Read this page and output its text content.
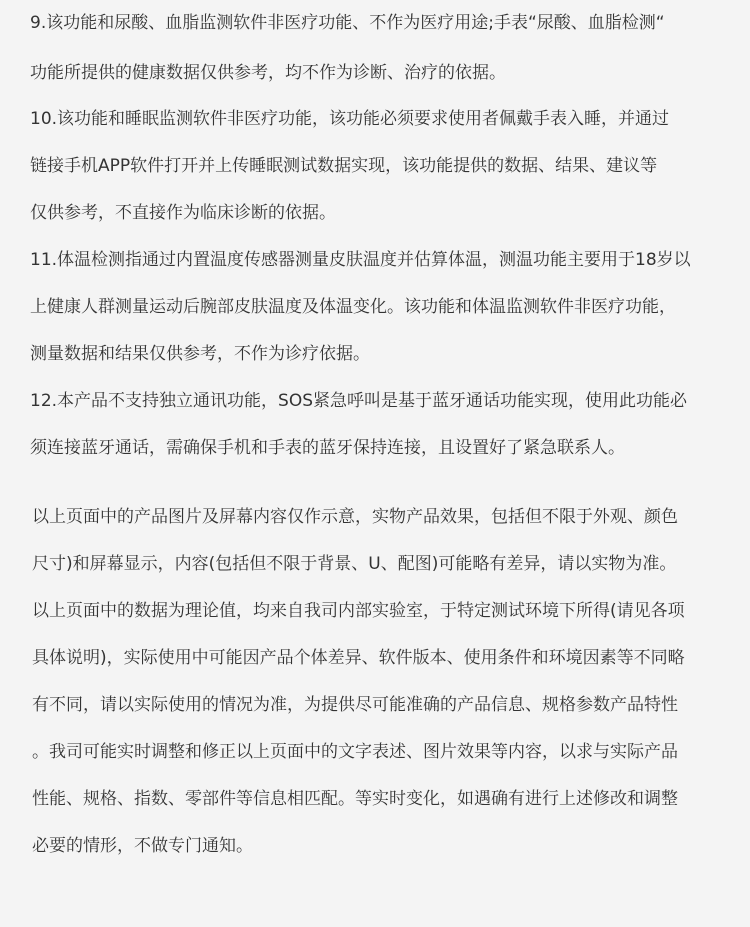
9.该功能和尿酸、血脂监测软件非医疗功能、不作为医疗用途;手表“尿酸、血脂检测“
功能所提供的健康数据仅供参考，均不作为诊断、治疗的依据。
10.该功能和睡眠监测软件非医疗功能，该功能必须要求使用者佩戴手表入睡，并通过
链接手机APP软件打开并上传睡眠测试数据实现，该功能提供的数据、结果、建议等
仅供参考，不直接作为临床诊断的依据。
11.体温检测指通过内置温度传感器测量皮肤温度并估算体温，测温功能主要用于18岁以
上健康人群测量运动后腕部皮肤温度及体温变化。该功能和体温监测软件非医疗功能，
测量数据和结果仅供参考，不作为诊疗依据。
12.本产品不支持独立通讯功能，SOS紧急呼叫是基于蓝牙通话功能实现，使用此功能必
须连接蓝牙通话，需确保手机和手表的蓝牙保持连接，且设置好了紧急联系人。
以上页面中的产品图片及屏幕内容仅作示意，实物产品效果，包括但不限于外观、颜色
尺寸)和屏幕显示，内容(包括但不限于背景、U、配图)可能略有差异，请以实物为准。
以上页面中的数据为理论值，均来自我司内部实验室，于特定测试环境下所得(请见各项
具体说明)，实际使用中可能因产品个体差异、软件版本、使用条件和环境因素等不同略
有不同，请以实际使用的情况为准，为提供尽可能准确的产品信息、规格参数产品特性
。我司可能实时调整和修正以上页面中的文字表述、图片效果等内容，以求与实际产品
性能、规格、指数、零部件等信息相匹配。等实时变化，如遇确有进行上述修改和调整
必要的情形，不做专门通知。
